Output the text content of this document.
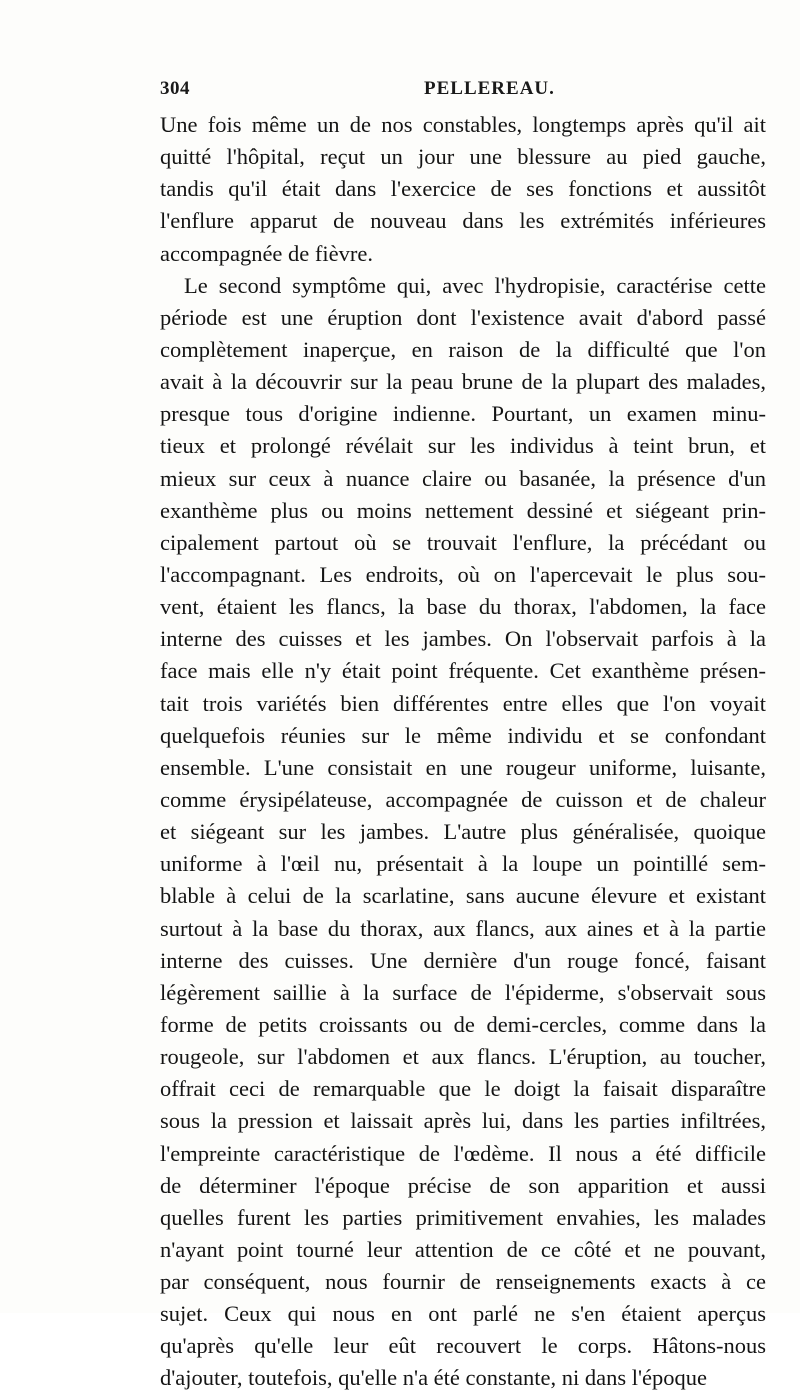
304	PELLEREAU.
Une fois même un de nos constables, longtemps après qu'il ait
quitté l'hôpital, reçut un jour une blessure au pied gauche,
tandis qu'il était dans l'exercice de ses fonctions et aussitôt
l'enflure apparut de nouveau dans les extrémités inférieures
accompagnée de fièvre.
Le second symptôme qui, avec l'hydropisie, caractérise cette
période est une éruption dont l'existence avait d'abord passé
complètement inaperçue, en raison de la difficulté que l'on
avait à la découvrir sur la peau brune de la plupart des malades,
presque tous d'origine indienne. Pourtant, un examen minu-
tieux et prolongé révélait sur les individus à teint brun, et
mieux sur ceux à nuance claire ou basanée, la présence d'un
exanthème plus ou moins nettement dessiné et siégeant prin-
cipalement partout où se trouvait l'enflure, la précédant ou
l'accompagnant. Les endroits, où on l'apercevait le plus sou-
vent, étaient les flancs, la base du thorax, l'abdomen, la face
interne des cuisses et les jambes. On l'observait parfois à la
face mais elle n'y était point fréquente. Cet exanthème présen-
tait trois variétés bien différentes entre elles que l'on voyait
quelquefois réunies sur le même individu et se confondant
ensemble. L'une consistait en une rougeur uniforme, luisante,
comme érysipélateuse, accompagnée de cuisson et de chaleur
et siégeant sur les jambes. L'autre plus généralisée, quoique
uniforme à l'œil nu, présentait à la loupe un pointillé sem-
blable à celui de la scarlatine, sans aucune élevure et existant
surtout à la base du thorax, aux flancs, aux aines et à la partie
interne des cuisses. Une dernière d'un rouge foncé, faisant
légèrement saillie à la surface de l'épiderme, s'observait sous
forme de petits croissants ou de demi-cercles, comme dans la
rougeole, sur l'abdomen et aux flancs. L'éruption, au toucher,
offrait ceci de remarquable que le doigt la faisait disparaître
sous la pression et laissait après lui, dans les parties infiltrées,
l'empreinte caractéristique de l'œdème. Il nous a été difficile
de déterminer l'époque précise de son apparition et aussi
quelles furent les parties primitivement envahies, les malades
n'ayant point tourné leur attention de ce côté et ne pouvant,
par conséquent, nous fournir de renseignements exacts à ce
sujet. Ceux qui nous en ont parlé ne s'en étaient aperçus
qu'après qu'elle leur eût recouvert le corps. Hâtons-nous
d'ajouter, toutefois, qu'elle n'a été constante, ni dans l'époque
